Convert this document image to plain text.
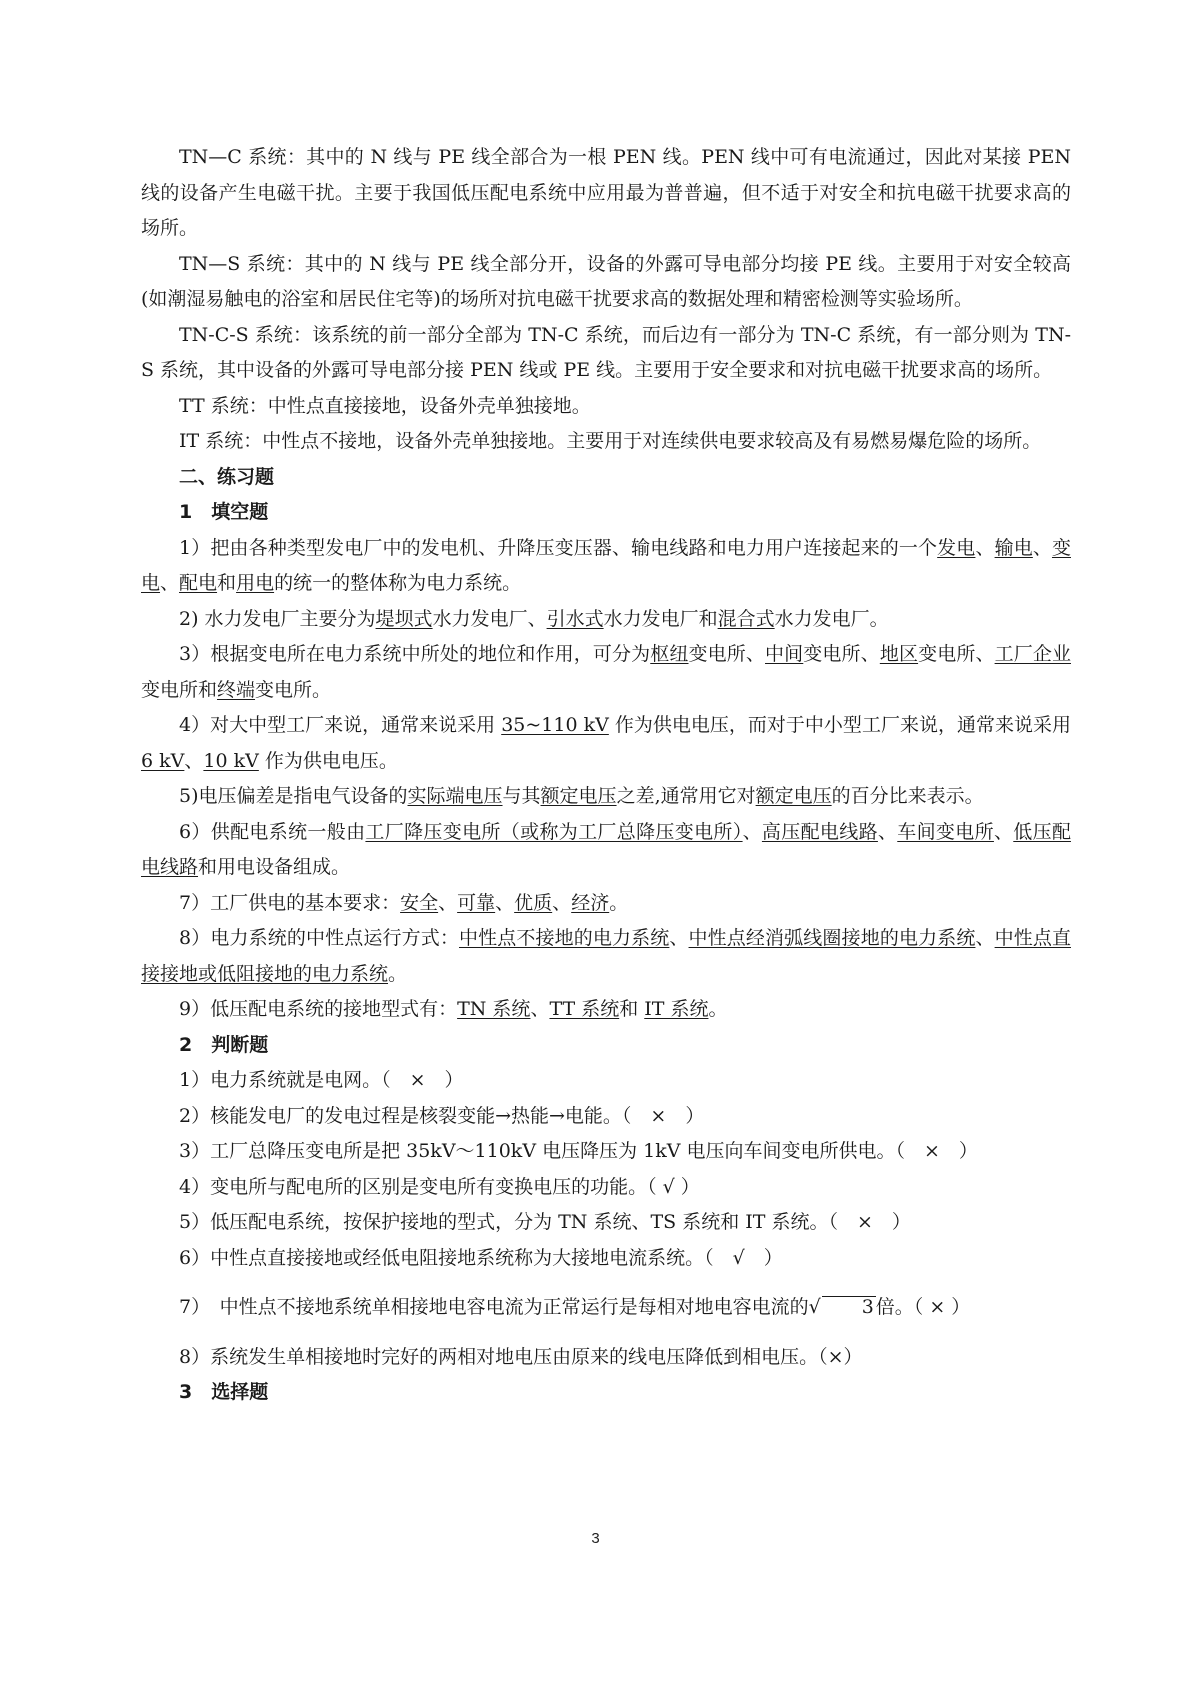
TN—C 系统：其中的 N 线与 PE 线全部合为一根 PEN 线。PEN 线中可有电流通过，因此对某接 PEN 线的设备产生电磁干扰。主要于我国低压配电系统中应用最为普普遍，但不适于对安全和抗电磁干扰要求高的场所。

TN—S 系统：其中的 N 线与 PE 线全部分开，设备的外露可导电部分均接 PE 线。主要用于对安全较高(如潮湿易触电的浴室和居民住宅等)的场所对抗电磁干扰要求高的数据处理和精密检测等实验场所。

TN-C-S 系统：该系统的前一部分全部为 TN-C 系统，而后边有一部分为 TN-C 系统，有一部分则为 TN-S 系统，其中设备的外露可导电部分接 PEN 线或 PE 线。主要用于安全要求和对抗电磁干扰要求高的场所。

TT 系统：中性点直接接地，设备外壳单独接地。

IT 系统：中性点不接地，设备外壳单独接地。主要用于对连续供电要求较高及有易燃易爆危险的场所。

二、练习题
1　填空题

1）把由各种类型发电厂中的发电机、升降压变压器、输电线路和电力用户连接起来的一个发电、输电、变电、配电和用电的统一的整体称为电力系统。

2) 水力发电厂主要分为堤坝式水力发电厂、引水式水力发电厂和混合式水力发电厂。

3）根据变电所在电力系统中所处的地位和作用，可分为枢纽变电所、中间变电所、地区变电所、工厂企业变电所和终端变电所。

4）对大中型工厂来说，通常来说采用 35~110 kV 作为供电电压，而对于中小型工厂来说，通常来说采用 6 kV、10 kV 作为供电电压。

5)电压偏差是指电气设备的实际端电压与其额定电压之差,通常用它对额定电压的百分比来表示。

6）供配电系统一般由工厂降压变电所（或称为工厂总降压变电所）、高压配电线路、车间变电所、低压配电线路和用电设备组成。

7）工厂供电的基本要求：安全、可靠、优质、经济。

8）电力系统的中性点运行方式：中性点不接地的电力系统、中性点经消弧线圈接地的电力系统、中性点直接接地或低阻接地的电力系统。

9）低压配电系统的接地型式有：TN 系统、TT 系统和 IT 系统。

2　判断题

1）电力系统就是电网。（　×　）

2）核能发电厂的发电过程是核裂变能→热能→电能。（　×　）

3）工厂总降压变电所是把 35kV～110kV 电压降压为 1kV 电压向车间变电所供电。（　×　）

4）变电所与配电所的区别是变电所有变换电压的功能。（ √ ）

5）低压配电系统，按保护接地的型式，分为 TN 系统、TS 系统和 IT 系统。（　×　）

6）中性点直接接地或经低电阻接地系统称为大接地电流系统。（　√　）

7）　中性点不接地系统单相接地电容电流为正常运行是每相对地电容电流的√ 3 倍。（ × ）

8）系统发生单相接地时完好的两相对地电压由原来的线电压降低到相电压。（×）

3　选择题
3
